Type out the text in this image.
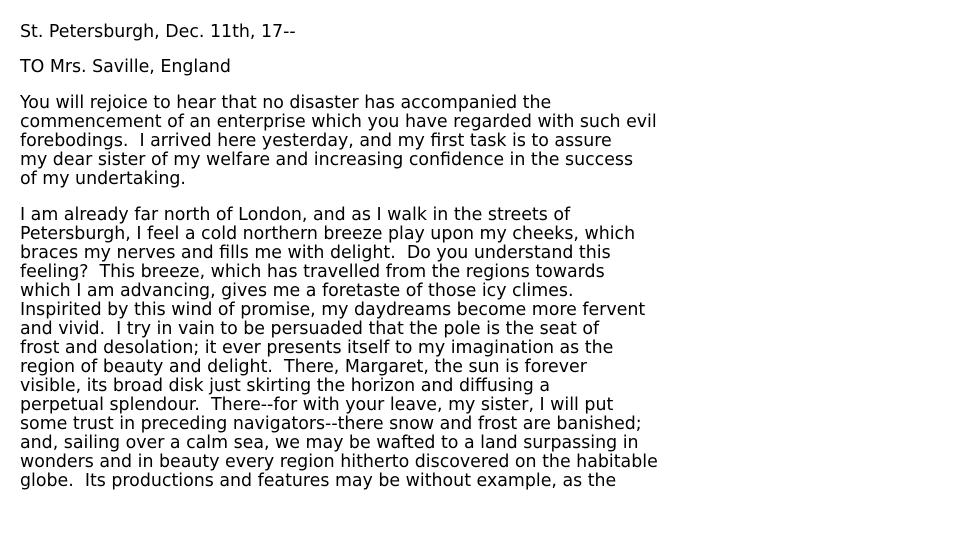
St. Petersburgh, Dec. 11th, 17--
TO Mrs. Saville, England
You will rejoice to hear that no disaster has accompanied the
commencement of an enterprise which you have regarded with such evil
forebodings.  I arrived here yesterday, and my first task is to assure
my dear sister of my welfare and increasing confidence in the success
of my undertaking.
I am already far north of London, and as I walk in the streets of
Petersburgh, I feel a cold northern breeze play upon my cheeks, which
braces my nerves and fills me with delight.  Do you understand this
feeling?  This breeze, which has travelled from the regions towards
which I am advancing, gives me a foretaste of those icy climes.
Inspirited by this wind of promise, my daydreams become more fervent
and vivid.  I try in vain to be persuaded that the pole is the seat of
frost and desolation; it ever presents itself to my imagination as the
region of beauty and delight.  There, Margaret, the sun is forever
visible, its broad disk just skirting the horizon and diffusing a
perpetual splendour.  There--for with your leave, my sister, I will put
some trust in preceding navigators--there snow and frost are banished;
and, sailing over a calm sea, we may be wafted to a land surpassing in
wonders and in beauty every region hitherto discovered on the habitable
globe.  Its productions and features may be without example, as the
